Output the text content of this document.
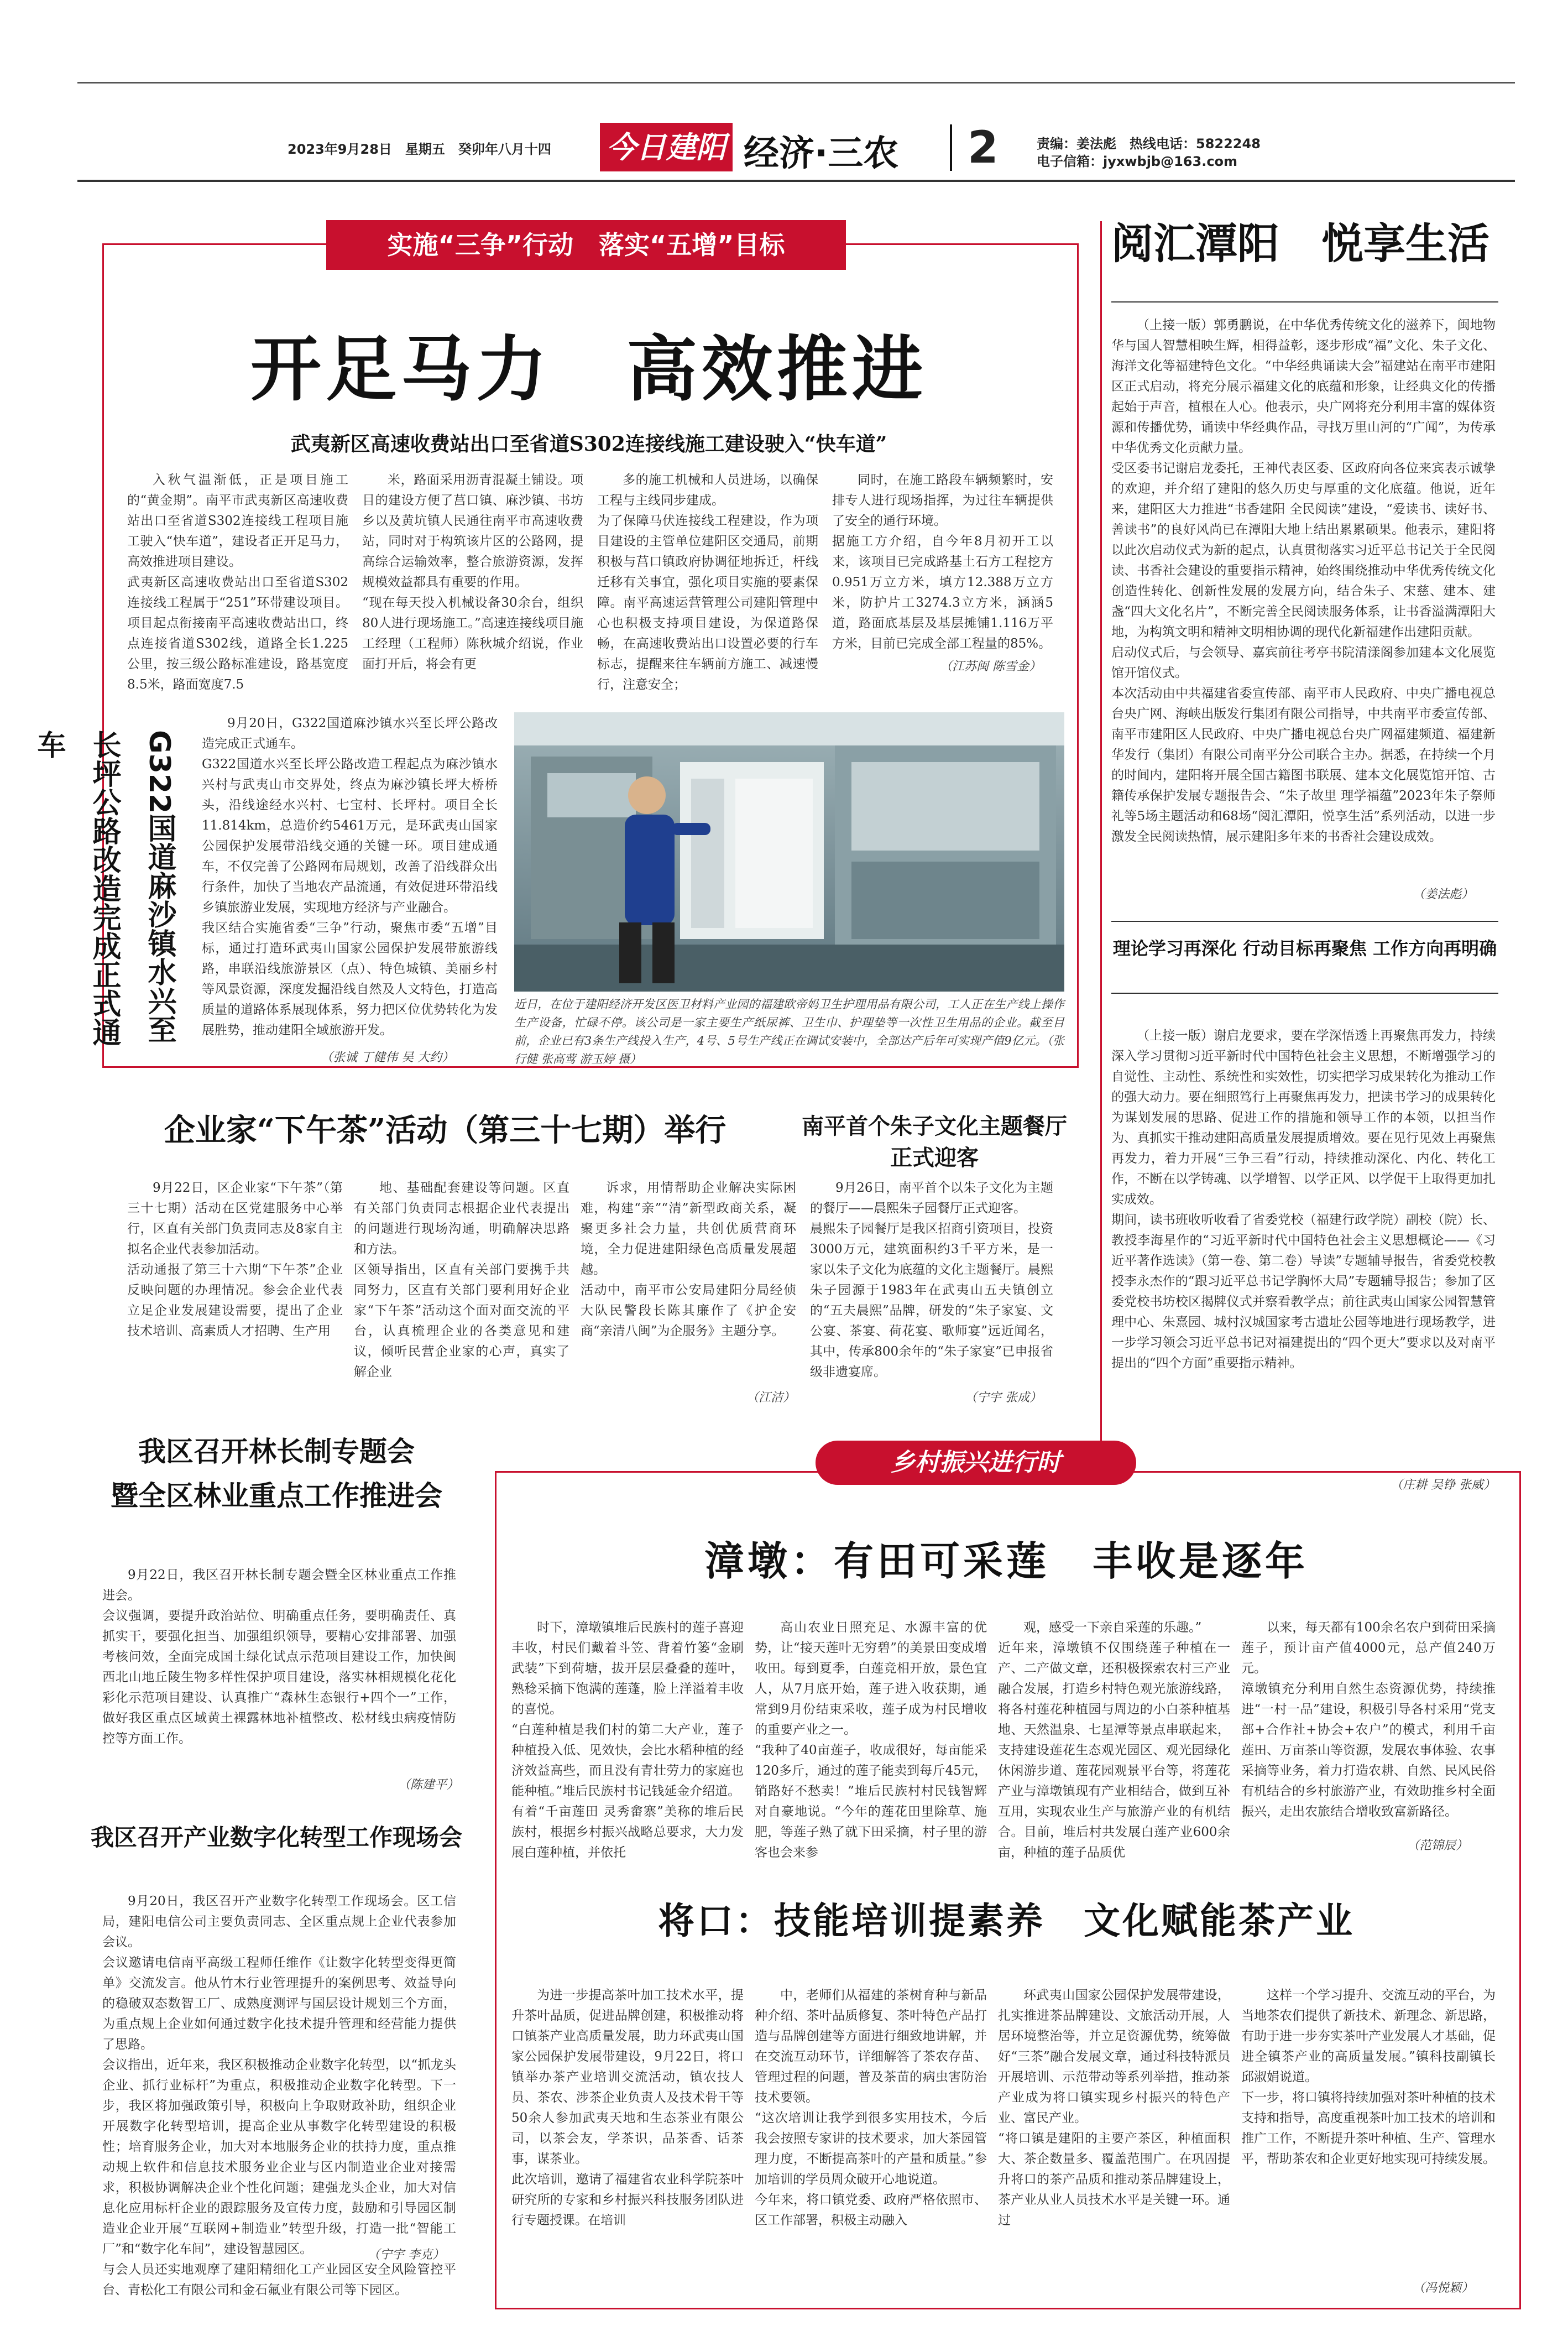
2023年9月28日　星期五　癸卯年八月十四 今日建阳 经济·三农 2	责编：姜法彪　热线电话：5822248
电子信箱：jyxwbjb@163.com
实施“三争”行动　落实“五增”目标
开足马力　高效推进
武夷新区高速收费站出口至省道S302连接线施工建设驶入“快车道”
入秋气温渐低，正是项目施工的“黄金期”。南平市武夷新区高速收费站出口至省道S302连接线工程项目施工驶入“快车道”，建设者正开足马力，高效推进项目建设。
武夷新区高速收费站出口至省道S302连接线工程属于“251”环带建设项目。项目起点衔接南平高速收费站出口，终点连接省道S302线，道路全长1.225公里，按三级公路标准建设，路基宽度8.5米，路面宽度7.5
米，路面采用沥青混凝土铺设。项目的建设方便了莒口镇、麻沙镇、书坊乡以及黄坑镇人民通往南平市高速收费站，同时对于构筑该片区的公路网，提高综合运输效率，整合旅游资源，发挥规模效益都具有重要的作用。
“现在每天投入机械设备30余台，组织80人进行现场施工。”高速连接线项目施工经理（工程师）陈秋城介绍说，作业面打开后，将会有更
多的施工机械和人员进场，以确保工程与主线同步建成。
为了保障马伏连接线工程建设，作为项目建设的主管单位建阳区交通局，前期积极与莒口镇政府协调征地拆迁，杆线迁移有关事宜，强化项目实施的要素保障。南平高速运营管理公司建阳管理中心也积极支持项目建设，为保道路保畅，在高速收费站出口设置必要的行车标志，提醒来往车辆前方施工、减速慢行，注意安全；
同时，在施工路段车辆频繁时，安排专人进行现场指挥，为过往车辆提供了安全的通行环境。
据施工方介绍，自今年8月初开工以来，该项目已完成路基土石方工程挖方0.951万立方米，填方12.388万立方米，防护片工3274.3立方米，涵涵5道，路面底基层及基层摊铺1.116万平方米，目前已完成全部工程量的85%。
（江苏闽 陈雪金）
G322国道麻沙镇水兴至长坪公路改造完成正式通车
9月20日，G322国道麻沙镇水兴至长坪公路改造完成正式通车。
G322国道水兴至长坪公路改造工程起点为麻沙镇水兴村与武夷山市交界处，终点为麻沙镇长坪大桥桥头，沿线途经水兴村、七宝村、长坪村。项目全长11.814km，总造价约5461万元，是环武夷山国家公园保护发展带沿线交通的关键一环。项目建成通车，不仅完善了公路网布局规划，改善了沿线群众出行条件，加快了当地农产品流通，有效促进环带沿线乡镇旅游业发展，实现地方经济与产业融合。
我区结合实施省委“三争”行动，聚焦市委“五增”目标，通过打造环武夷山国家公园保护发展带旅游线路，串联沿线旅游景区（点）、特色城镇、美丽乡村等风景资源，深度发掘沿线自然及人文特色，打造高质量的道路体系展现体系，努力把区位优势转化为发展胜势，推动建阳全域旅游开发。
（张诚 丁健伟 吴 大约）
近日，在位于建阳经济开发区医卫材料产业园的福建欧帝妈卫生护理用品有限公司，工人正在生产线上操作生产设备，忙碌不停。该公司是一家主要生产纸尿裤、卫生巾、护理垫等一次性卫生用品的企业。截至目前，企业已有3条生产线投入生产，4号、5号生产线正在调试安装中，全部达产后年可实现产值9亿元。（张行健 张高莺 游玉婷 摄）
企业家“下午茶”活动（第三十七期）举行
9月22日，区企业家“下午茶”（第三十七期）活动在区党建服务中心举行，区直有关部门负责同志及8家自主拟名企业代表参加活动。
活动通报了第三十六期“下午茶”企业反映问题的办理情况。参会企业代表立足企业发展建设需要，提出了企业技术培训、高素质人才招聘、生产用
地、基础配套建设等问题。区直有关部门负责同志根据企业代表提出的问题进行现场沟通，明确解决思路和方法。
区领导指出，区直有关部门要携手共同努力，区直有关部门要利用好企业家“下午茶”活动这个面对面交流的平台，认真梳理企业的各类意见和建议，倾听民营企业家的心声，真实了解企业
诉求，用情帮助企业解决实际困难，构建“亲”“清”新型政商关系，凝聚更多社会力量，共创优质营商环境，全力促进建阳绿色高质量发展超越。
活动中，南平市公安局建阳分局经侦大队民警段长陈其廉作了《护企安商“亲清八闽”为企服务》主题分享。
（江洁）
南平首个朱子文化主题餐厅正式迎客
9月26日，南平首个以朱子文化为主题的餐厅——晨熙朱子园餐厅正式迎客。
晨熙朱子园餐厅是我区招商引资项目，投资3000万元，建筑面积约3千平方米，是一家以朱子文化为底蕴的文化主题餐厅。晨熙朱子园源于1983年在武夷山五夫镇创立的“五夫晨熙”品牌，研发的“朱子家宴、文公宴、茶宴、荷花宴、歌师宴”远近闻名，其中，传承800余年的“朱子家宴”已申报省级非遗宴席。
（宁宇 张成）
阅汇潭阳　悦享生活
（上接一版）郭勇鹏说，在中华优秀传统文化的滋养下，闽地物华与国人智慧相映生辉，相得益彰，逐步形成“福”文化、朱子文化、海洋文化等福建特色文化。“中华经典诵读大会”福建站在南平市建阳区正式启动，将充分展示福建文化的底蕴和形象，让经典文化的传播起始于声音，植根在人心。他表示，央广网将充分利用丰富的媒体资源和传播优势，诵读中华经典作品，寻找万里山河的“广闻”，为传承中华优秀文化贡献力量。
受区委书记谢启龙委托，王神代表区委、区政府向各位来宾表示诚挚的欢迎，并介绍了建阳的悠久历史与厚重的文化底蕴。他说，近年来，建阳区大力推进“书香建阳 全民阅读”建设，“爱读书、读好书、善读书”的良好风尚已在潭阳大地上结出累累硕果。他表示，建阳将以此次启动仪式为新的起点，认真贯彻落实习近平总书记关于全民阅读、书香社会建设的重要指示精神，始终围绕推动中华优秀传统文化创造性转化、创新性发展的发展方向，结合朱子、宋慈、建本、建盏“四大文化名片”，不断完善全民阅读服务体系，让书香溢满潭阳大地，为构筑文明和精神文明相协调的现代化新福建作出建阳贡献。
启动仪式后，与会领导、嘉宾前往考亭书院清漾阁参加建本文化展览馆开馆仪式。
本次活动由中共福建省委宣传部、南平市人民政府、中央广播电视总台央广网、海峡出版发行集团有限公司指导，中共南平市委宣传部、南平市建阳区人民政府、中央广播电视总台央广网福建频道、福建新华发行（集团）有限公司南平分公司联合主办。据悉，在持续一个月的时间内，建阳将开展全国古籍图书联展、建本文化展览馆开馆、古籍传承保护发展专题报告会、“朱子故里 理学福蕴”2023年朱子祭师礼等5场主题活动和68场“阅汇潭阳，悦享生活”系列活动，以进一步激发全民阅读热情，展示建阳多年来的书香社会建设成效。
（姜法彪）
理论学习再深化 行动目标再聚焦 工作方向再明确
（上接一版）谢启龙要求，要在学深悟透上再聚焦再发力，持续深入学习贯彻习近平新时代中国特色社会主义思想，不断增强学习的自觉性、主动性、系统性和实效性，切实把学习成果转化为推动工作的强大动力。要在细照笃行上再聚焦再发力，把读书学习的成果转化为谋划发展的思路、促进工作的措施和领导工作的本领，以担当作为、真抓实干推动建阳高质量发展提质增效。要在见行见效上再聚焦再发力，着力开展“三争三看”行动，持续推动深化、内化、转化工作，不断在以学铸魂、以学增智、以学正风、以学促干上取得更加扎实成效。
期间，读书班收听收看了省委党校（福建行政学院）副校（院）长、教授李海星作的“习近平新时代中国特色社会主义思想概论——《习近平著作选读》（第一卷、第二卷）导读”专题辅导报告，省委党校教授李永杰作的“跟习近平总书记学胸怀大局”专题辅导报告；参加了区委党校书坊校区揭牌仪式并察看教学点；前往武夷山国家公园智慧管理中心、朱熹园、城村汉城国家考古遗址公园等地进行现场教学，进一步学习领会习近平总书记对福建提出的“四个更大”要求以及对南平提出的“四个方面”重要指示精神。
（庄耕 吴铮 张威）
我区召开林长制专题会
暨全区林业重点工作推进会
9月22日，我区召开林长制专题会暨全区林业重点工作推进会。
会议强调，要提升政治站位、明确重点任务，要明确责任、真抓实干，要强化担当、加强组织领导，要精心安排部署、加强考核问效，全面完成国土绿化试点示范项目建设工作，加快闽西北山地丘陵生物多样性保护项目建设，落实林相规模化花化彩化示范项目建设、认真推广“森林生态银行+四个一”工作，做好我区重点区域黄土裸露林地补植整改、松材线虫病疫情防控等方面工作。
（陈建平）
我区召开产业数字化转型工作现场会
9月20日，我区召开产业数字化转型工作现场会。区工信局，建阳电信公司主要负责同志、全区重点规上企业代表参加会议。
会议邀请电信南平高级工程师任维作《让数字化转型变得更简单》交流发言。他从竹木行业管理提升的案例思考、效益导向的稳破双态数智工厂、成熟度测评与国层设计规划三个方面，为重点规上企业如何通过数字化技术提升管理和经营能力提供了思路。
会议指出，近年来，我区积极推动企业数字化转型，以“抓龙头企业、抓行业标杆”为重点，积极推动企业数字化转型。下一步，我区将加强政策引导，积极向上争取财政补助，组织企业开展数字化转型培训，提高企业从事数字化转型建设的积极性；培育服务企业，加大对本地服务企业的扶持力度，重点推动规上软件和信息技术服务业企业与区内制造业企业对接需求，积极协调解决企业个性化问题；建强龙头企业，加大对信息化应用标杆企业的跟踪服务及宣传力度，鼓励和引导园区制造业企业开展“互联网+制造业”转型升级，打造一批“智能工厂”和“数字化车间”，建设智慧园区。
与会人员还实地观摩了建阳精细化工产业园区安全风险管控平台、青松化工有限公司和金石氟业有限公司等下园区。
（宁宇 李克）
乡村振兴进行时
漳墩：有田可采莲　丰收是逐年
时下，漳墩镇堆后民族村的莲子喜迎丰收，村民们戴着斗笠、背着竹篓“金刷武装”下到荷塘，拔开层层叠叠的莲叶，熟稔采摘下饱满的莲蓬，脸上洋溢着丰收的喜悦。
“白莲种植是我们村的第二大产业，莲子种植投入低、见效快，会比水稻种植的经济效益高些，而且没有青壮劳力的家庭也能种植。”堆后民族村书记钱延金介绍道。
有着“千亩莲田 灵秀畲寨”美称的堆后民族村，根据乡村振兴战略总要求，大力发展白莲种植，并依托
高山农业日照充足、水源丰富的优势，让“接天莲叶无穷碧”的美景田变成增收田。每到夏季，白莲竞相开放，景色宜人，从7月底开始，莲子进入收获期，通常到9月份结束采收，莲子成为村民增收的重要产业之一。
“我种了40亩莲子，收成很好，每亩能采120多斤，通过的莲子能卖到每斤45元，销路好不愁卖！”堆后民族村村民钱智辉对自豪地说。“今年的莲花田里除草、施肥，等莲子熟了就下田采摘，村子里的游客也会来参
观，感受一下亲自采莲的乐趣。”
近年来，漳墩镇不仅围绕莲子种植在一产、二产做文章，还积极探索农村三产业融合发展，打造乡村特色观光旅游线路，将各村莲花种植园与周边的小白茶种植基地、天然温泉、七星潭等景点串联起来，支持建设莲花生态观光园区、观光园绿化休闲游步道、莲花园观景平台等，将莲花产业与漳墩镇现有产业相结合，做到互补互用，实现农业生产与旅游产业的有机结合。目前，堆后村共发展白莲产业600余亩，种植的莲子品质优
以来，每天都有100余名农户到荷田采摘莲子，预计亩产值4000元，总产值240万元。
漳墩镇充分利用自然生态资源优势，持续推进“一村一品”建设，积极引导各村采用“党支部+合作社+协会+农户”的模式，利用千亩莲田、万亩茶山等资源，发展农事体验、农事采摘等业务，着力打造农耕、自然、民风民俗有机结合的乡村旅游产业，有效助推乡村全面振兴，走出农旅结合增收致富新路径。
（范锦辰）
将口：技能培训提素养　文化赋能茶产业
为进一步提高茶叶加工技术水平，提升茶叶品质，促进品牌创建，积极推动将口镇茶产业高质量发展，助力环武夷山国家公园保护发展带建设，9月22日，将口镇举办茶产业培训交流活动，镇农技人员、茶农、涉茶企业负责人及技术骨干等50余人参加武夷天地和生态茶业有限公司，以茶会友，学茶识，品茶香、话茶事，谋茶业。
此次培训，邀请了福建省农业科学院茶叶研究所的专家和乡村振兴科技服务团队进行专题授课。在培训
中，老师们从福建的茶树育种与新品种介绍、茶叶品质修复、茶叶特色产品打造与品牌创建等方面进行细致地讲解，并在交流互动环节，详细解答了茶农存苗、管理过程的问题，普及茶苗的病虫害防治技术要领。
“这次培训让我学到很多实用技术，今后我会按照专家讲的技术要求，加大茶园管理力度，不断提高茶叶的产量和质量。”参加培训的学员周众破开心地说道。
今年来，将口镇党委、政府严格依照市、区工作部署，积极主动融入
环武夷山国家公园保护发展带建设，扎实推进茶品牌建设、文旅活动开展，人居环境整治等，并立足资源优势，统筹做好“三茶”融合发展文章，通过科技特派员开展培训、示范带动等系列举措，推动茶产业成为将口镇实现乡村振兴的特色产业、富民产业。
“将口镇是建阳的主要产茶区，种植面积大、茶企数量多、覆盖范围广。在巩固提升将口的茶产品质和推动茶品牌建设上，茶产业从业人员技术水平是关键一环。通过
这样一个学习提升、交流互动的平台，为当地茶农们提供了新技术、新理念、新思路，有助于进一步夯实茶叶产业发展人才基础，促进全镇茶产业的高质量发展。”镇科技副镇长邱淑娟说道。
下一步，将口镇将持续加强对茶叶种植的技术支持和指导，高度重视茶叶加工技术的培训和推广工作，不断提升茶叶种植、生产、管理水平，帮助茶农和企业更好地实现可持续发展。
（冯悦颖）
